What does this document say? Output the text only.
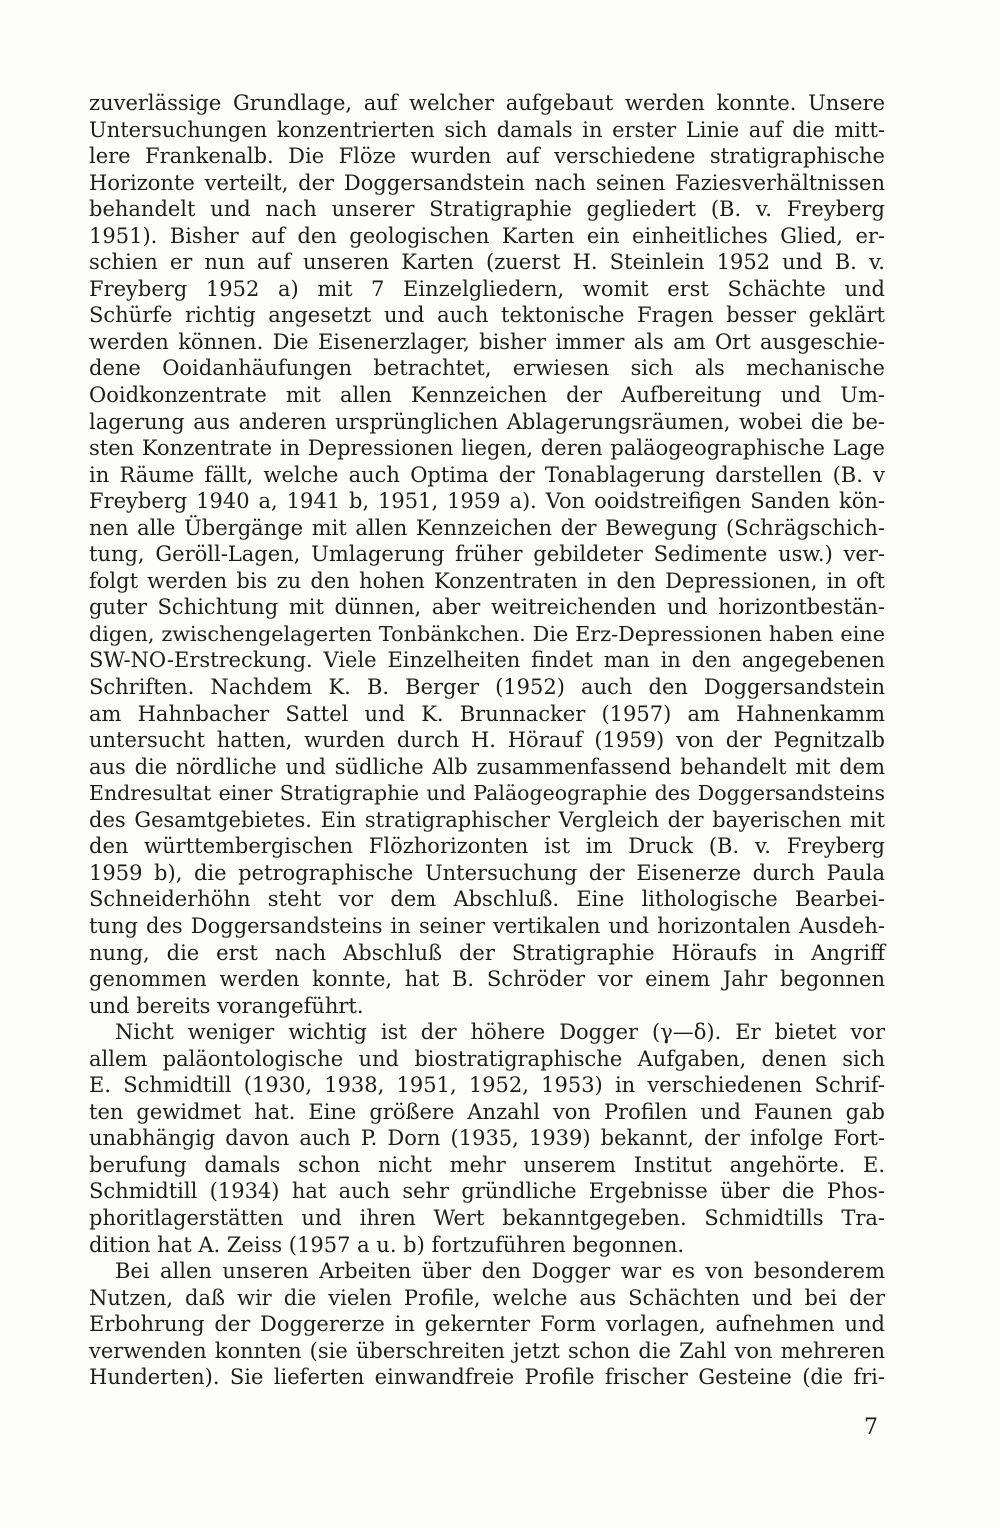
zuverlässige Grundlage, auf welcher aufgebaut werden konnte. Unsere
Untersuchungen konzentrierten sich damals in erster Linie auf die mitt-
lere Frankenalb. Die Flöze wurden auf verschiedene stratigraphische
Horizonte verteilt, der Doggersandstein nach seinen Faziesverhältnissen
behandelt und nach unserer Stratigraphie gegliedert (B. v. Freyberg
1951). Bisher auf den geologischen Karten ein einheitliches Glied, er-
schien er nun auf unseren Karten (zuerst H. Steinlein 1952 und B. v.
Freyberg 1952 a) mit 7 Einzelgliedern, womit erst Schächte und
Schürfe richtig angesetzt und auch tektonische Fragen besser geklärt
werden können. Die Eisenerzlager, bisher immer als am Ort ausgeschie-
dene Ooidanhäufungen betrachtet, erwiesen sich als mechanische
Ooidkonzentrate mit allen Kennzeichen der Aufbereitung und Um-
lagerung aus anderen ursprünglichen Ablagerungsräumen, wobei die be-
sten Konzentrate in Depressionen liegen, deren paläogeographische Lage
in Räume fällt, welche auch Optima der Tonablagerung darstellen (B. v
Freyberg 1940 a, 1941 b, 1951, 1959 a). Von ooidstreifigen Sanden kön-
nen alle Übergänge mit allen Kennzeichen der Bewegung (Schrägschich-
tung, Geröll-Lagen, Umlagerung früher gebildeter Sedimente usw.) ver-
folgt werden bis zu den hohen Konzentraten in den Depressionen, in oft
guter Schichtung mit dünnen, aber weitreichenden und horizontbestän-
digen, zwischengelagerten Tonbänkchen. Die Erz-Depressionen haben eine
SW-NO-Erstreckung. Viele Einzelheiten findet man in den angegebenen
Schriften. Nachdem K. B. Berger (1952) auch den Doggersandstein
am Hahnbacher Sattel und K. Brunnacker (1957) am Hahnenkamm
untersucht hatten, wurden durch H. Hörauf (1959) von der Pegnitzalb
aus die nördliche und südliche Alb zusammenfassend behandelt mit dem
Endresultat einer Stratigraphie und Paläogeographie des Doggersandsteins
des Gesamtgebietes. Ein stratigraphischer Vergleich der bayerischen mit
den württembergischen Flözhorizonten ist im Druck (B. v. Freyberg
1959 b), die petrographische Untersuchung der Eisenerze durch Paula
Schneiderhöhn steht vor dem Abschluß. Eine lithologische Bearbei-
tung des Doggersandsteins in seiner vertikalen und horizontalen Ausdeh-
nung, die erst nach Abschluß der Stratigraphie Hörаufs in Angriff
genommen werden konnte, hat B. Schröder vor einem Jahr begonnen
und bereits vorangeführt.
Nicht weniger wichtig ist der höhere Dogger (γ—δ). Er bietet vor
allem paläontologische und biostratigraphische Aufgaben, denen sich
E. Schmidtill (1930, 1938, 1951, 1952, 1953) in verschiedenen Schrif-
ten gewidmet hat. Eine größere Anzahl von Profilen und Faunen gab
unabhängig davon auch P. Dorn (1935, 1939) bekannt, der infolge Fort-
berufung damals schon nicht mehr unserem Institut angehörte. E.
Schmidtill (1934) hat auch sehr gründliche Ergebnisse über die Phos-
phoritlagerstätten und ihren Wert bekanntgegeben. Schmidtills Tra-
dition hat A. Zeiss (1957 a u. b) fortzuführen begonnen.
Bei allen unseren Arbeiten über den Dogger war es von besonderem
Nutzen, daß wir die vielen Profile, welche aus Schächten und bei der
Erbohrung der Doggererze in gekernter Form vorlagen, aufnehmen und
verwenden konnten (sie überschreiten jetzt schon die Zahl von mehreren
Hunderten). Sie lieferten einwandfreie Profile frischer Gesteine (die fri-
7
